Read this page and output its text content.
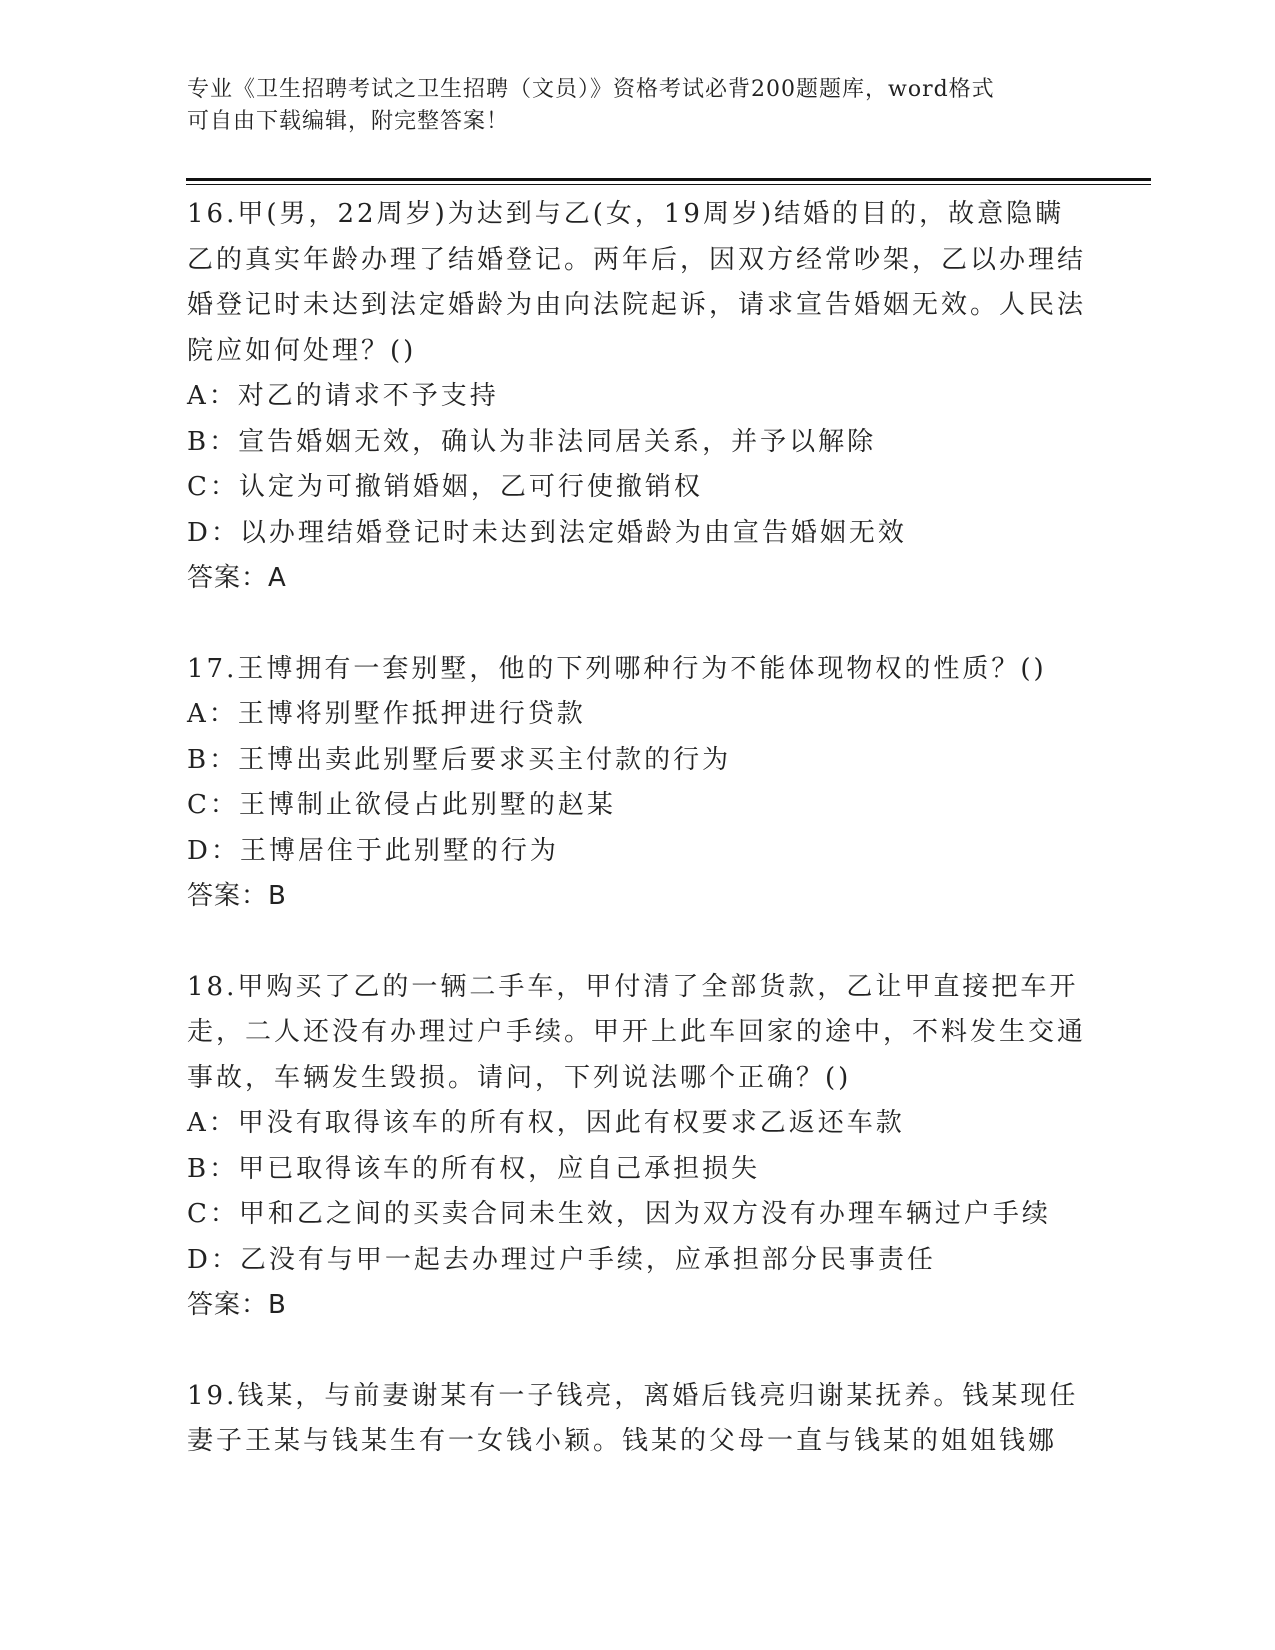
专业《卫生招聘考试之卫生招聘（文员）》资格考试必背200题题库，word格式
可自由下载编辑，附完整答案！

16.甲(男，22周岁)为达到与乙(女，19周岁)结婚的目的，故意隐瞒乙的真实年龄办理了结婚登记。两年后，因双方经常吵架，乙以办理结婚登记时未达到法定婚龄为由向法院起诉，请求宣告婚姻无效。人民法院应如何处理？()

A：对乙的请求不予支持

B：宣告婚姻无效，确认为非法同居关系，并予以解除

C：认定为可撤销婚姻，乙可行使撤销权

D：以办理结婚登记时未达到法定婚龄为由宣告婚姻无效

答案：A

17.王博拥有一套别墅，他的下列哪种行为不能体现物权的性质？()

A：王博将别墅作抵押进行贷款

B：王博出卖此别墅后要求买主付款的行为

C：王博制止欲侵占此别墅的赵某

D：王博居住于此别墅的行为

答案：B

18.甲购买了乙的一辆二手车，甲付清了全部货款，乙让甲直接把车开走，二人还没有办理过户手续。甲开上此车回家的途中，不料发生交通事故，车辆发生毁损。请问，下列说法哪个正确？()

A：甲没有取得该车的所有权，因此有权要求乙返还车款

B：甲已取得该车的所有权，应自己承担损失

C：甲和乙之间的买卖合同未生效，因为双方没有办理车辆过户手续

D：乙没有与甲一起去办理过户手续，应承担部分民事责任

答案：B

19.钱某，与前妻谢某有一子钱亮，离婚后钱亮归谢某抚养。钱某现任妻子王某与钱某生有一女钱小颖。钱某的父母一直与钱某的姐姐钱娜
